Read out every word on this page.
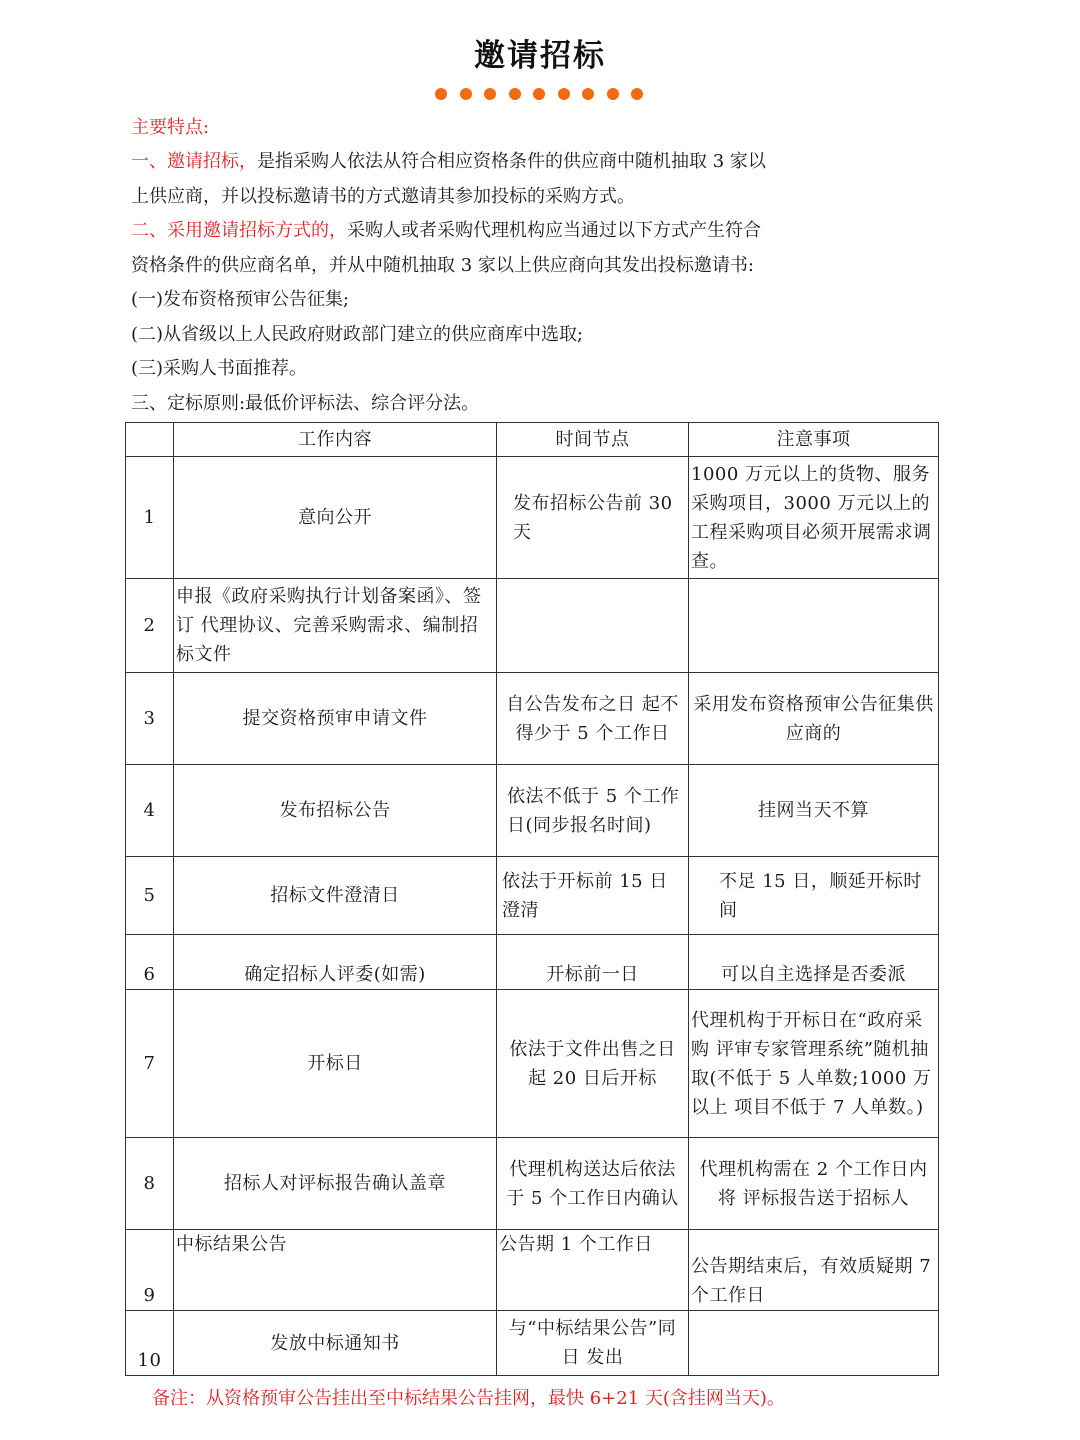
邀请招标
主要特点:
一、邀请招标，是指采购人依法从符合相应资格条件的供应商中随机抽取 3 家以
上供应商，并以投标邀请书的方式邀请其参加投标的采购方式。
二、采用邀请招标方式的，采购人或者采购代理机构应当通过以下方式产生符合
资格条件的供应商名单，并从中随机抽取 3 家以上供应商向其发出投标邀请书:
(一)发布资格预审公告征集;
(二)从省级以上人民政府财政部门建立的供应商库中选取;
(三)采购人书面推荐。
三、定标原则:最低价评标法、综合评分法。
	工作内容	时间节点	注意事项
1	意向公开	发布招标公告前 30 天	1000 万元以上的货物、服务采购项目，3000 万元以上的工程采购项目必须开展需求调查。
2	申报《政府采购执行计划备案函》、签订 代理协议、完善采购需求、编制招标文件		
3	提交资格预审申请文件	自公告发布之日 起不 得少于 5 个工作日	采用发布资格预审公告征集供 应商的
4	发布招标公告	依法不低于 5 个工作日(同步报名时间)	挂网当天不算
5	招标文件澄清日	依法于开标前 15 日澄清	不足 15 日，顺延开标时间
6	确定招标人评委(如需)	开标前一日	可以自主选择是否委派
7	开标日	依法于文件出售之日 起 20 日后开标	代理机构于开标日在“政府采购 评审专家管理系统”随机抽取(不低于 5 人单数;1000 万以上 项目不低于 7 人单数。)
8	招标人对评标报告确认盖章	代理机构送达后依法 于 5 个工作日内确认	代理机构需在 2 个工作日内将 评标报告送于招标人
9	中标结果公告	公告期 1 个工作日	公告期结束后，有效质疑期 7 个工作日
10	发放中标通知书	与“中标结果公告”同 日 发出	
备注：从资格预审公告挂出至中标结果公告挂网，最快 6+21 天(含挂网当天)。
